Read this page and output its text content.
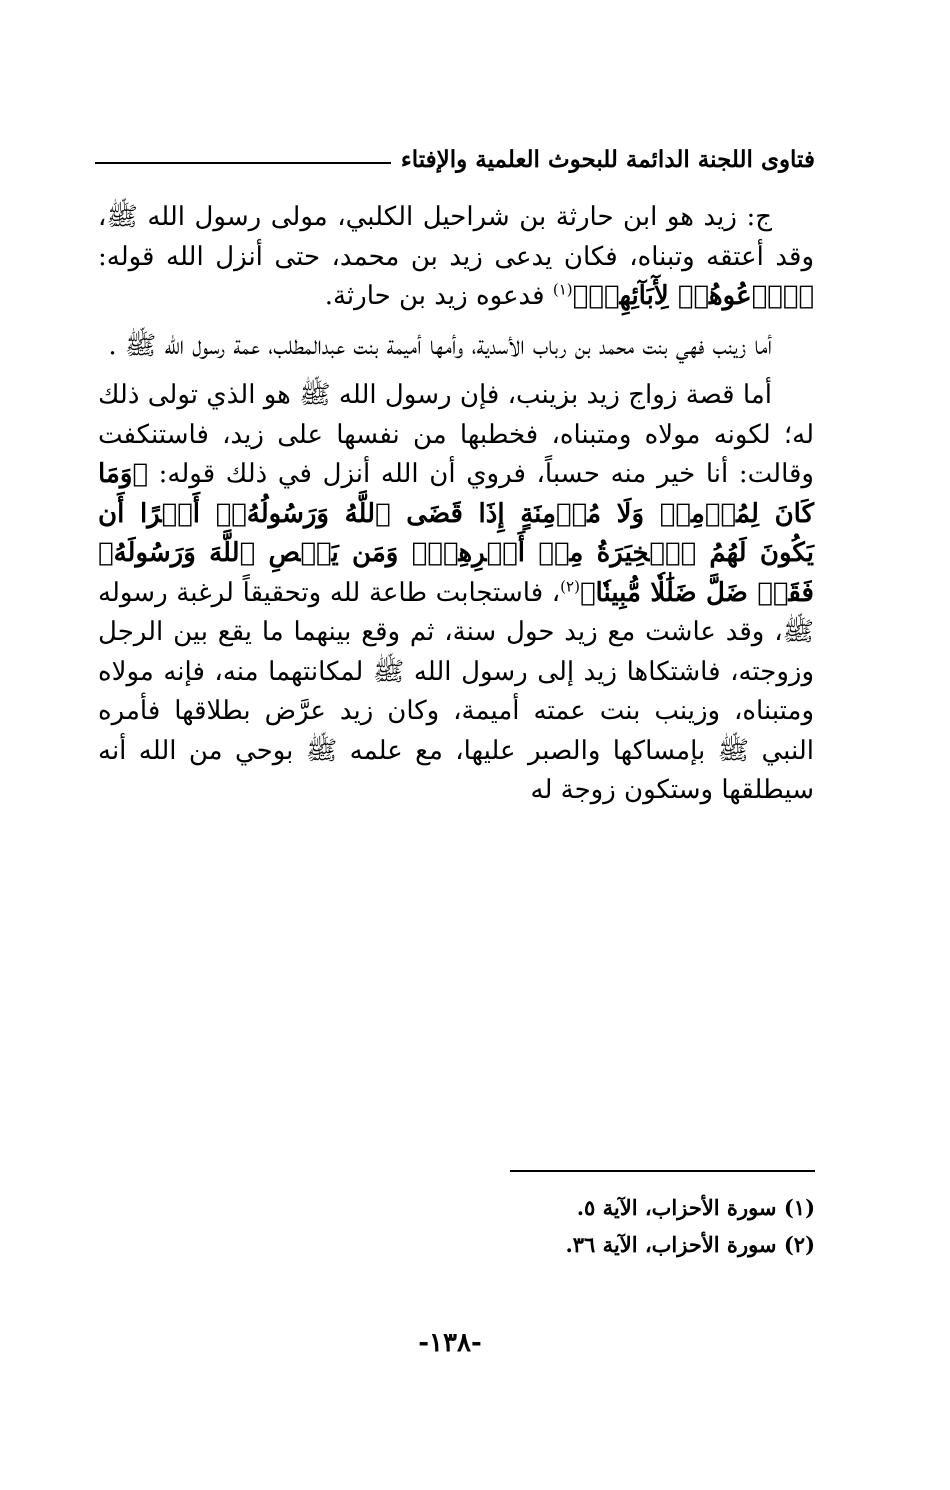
فتاوى اللجنة الدائمة للبحوث العلمية والإفتاء

ج: زيد هو ابن حارثة بن شراحيل الكلبي، مولى رسول الله ﷺ، وقد أعتقه وتبناه، فكان يدعى زيد بن محمد، حتى أنزل الله قوله: ﴿ٱدۡعُوهُمۡ لِأٓبَآئِهِمۡ﴾$^{(١)}$ فدعوه زيد بن حارثة.

أما زينب فهي بنت محمد بن رباب الأسدية، وأمها أميمة بنت عبدالمطلب، عمة رسول الله ﷺ .

أما قصة زواج زيد بزينب، فإن رسول الله ﷺ هو الذي تولى ذلك له؛ لكونه مولاه ومتبناه، فخطبها من نفسها على زيد، فاستنكفت وقالت: أنا خير منه حسباً، فروي أن الله أنزل في ذلك قوله: ﴿وَمَا كَانَ لِمُؤۡمِنٖ وَلَا مُؤۡمِنَةٍ إِذَا قَضَى ٱللَّهُ وَرَسُولُهُۥٓ أَمۡرًا أَن يَكُونَ لَهُمُ ٱلۡخِيَرَةُ مِنۡ أَمۡرِهِمۡۗ وَمَن يَعۡصِ ٱللَّهَ وَرَسُولَهُۥ فَقَدۡ ضَلَّ ضَلَٰلٗا مُّبِينٗا﴾$^{(٢)}$، فاستجابت طاعة لله وتحقيقاً لرغبة رسوله ﷺ، وقد عاشت مع زيد حول سنة، ثم وقع بينهما ما يقع بين الرجل وزوجته، فاشتكاها زيد إلى رسول الله ﷺ لمكانتهما منه، فإنه مولاه ومتبناه، وزينب بنت عمته أميمة، وكان زيد عرَّض بطلاقها فأمره النبي ﷺ بإمساكها والصبر عليها، مع علمه ﷺ بوحي من الله أنه سيطلقها وستكون زوجة له

(١) سورة الأحزاب، الآية ٥.
(٢) سورة الأحزاب، الآية ٣٦.
-١٣٨-
